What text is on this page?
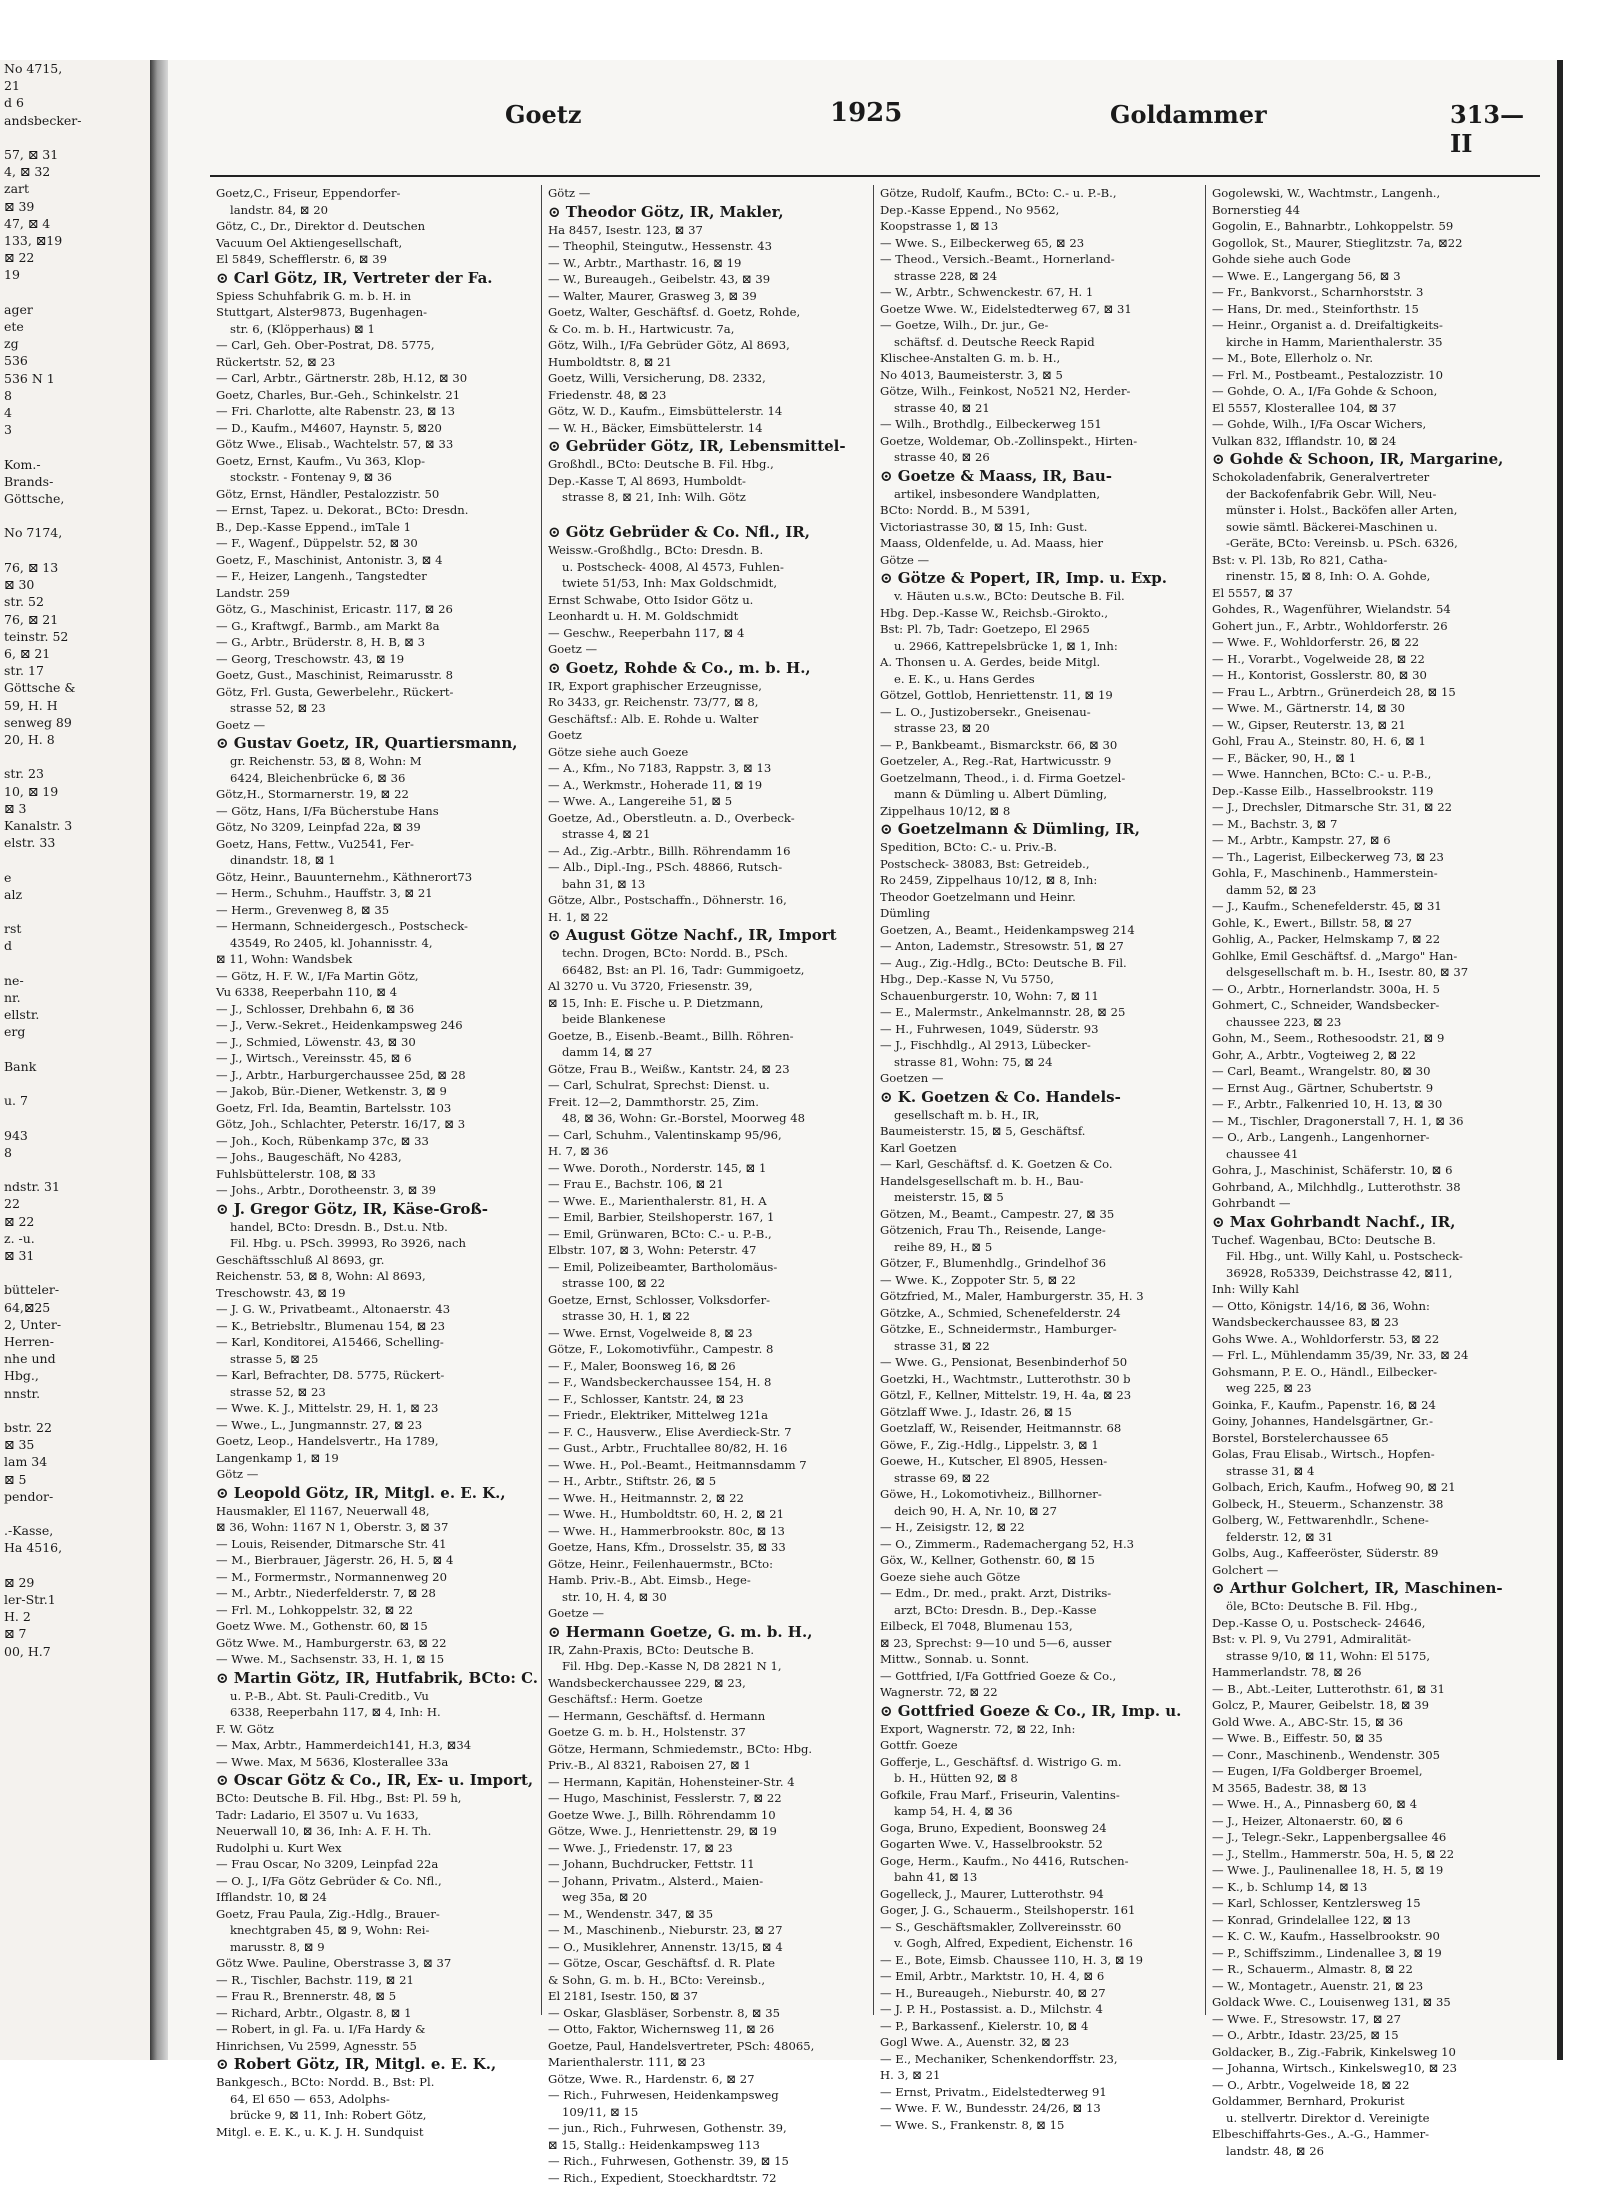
No 4715,
21
d 6
andsbecker-

57, ⊠ 31
4, ⊠ 32
zart
⊠ 39
47, ⊠ 4
133, ⊠19
⊠ 22
19

ager
ete
zg
536
536 N 1
8
4
3

Kom.-
Brands-
Göttsche,

No 7174,

76, ⊠ 13
⊠ 30
str. 52
76, ⊠ 21
teinstr. 52
6, ⊠ 21
str. 17
Göttsche &
59, H. H
senweg 89
20, H. 8

str. 23
10, ⊠ 19
⊠ 3
Kanalstr. 3
elstr. 33

e
alz

rst
d

ne-
nr.
ellstr.
erg

Bank

u. 7

943
8

ndstr. 31
22
⊠ 22
z. -u.
⊠ 31

bütteler-
64,⊠25
2, Unter-
Herren-
nhe und
Hbg.,
nnstr.

bstr. 22
⊠ 35
lam 34
⊠ 5
pendor-

.-Kasse,
Ha 4516,

⊠ 29
ler-Str.1
H. 2
⊠ 7
00, H.7
Goetz	1925	Goldammer	313—II
Goetz,C., Friseur, Eppendorfer-
landstr. 84, ⊠ 20
Götz, C., Dr., Direktor d. Deutschen
Vacuum Oel Aktiengesellschaft,
El 5849, Schefflerstr. 6, ⊠ 39
⊙ Carl Götz, IR, Vertreter der Fa.
Spiess Schuhfabrik G. m. b. H. in
Stuttgart, Alster9873, Bugenhagen-
str. 6, (Klöpperhaus) ⊠ 1
— Carl, Geh. Ober-Postrat, D8. 5775,
Rückertstr. 52, ⊠ 23
— Carl, Arbtr., Gärtnerstr. 28b, H.12, ⊠ 30
Goetz, Charles, Bur.-Geh., Schinkelstr. 21
— Fri. Charlotte, alte Rabenstr. 23, ⊠ 13
— D., Kaufm., M4607, Haynstr. 5, ⊠20
Götz Wwe., Elisab., Wachtelstr. 57, ⊠ 33
Goetz, Ernst, Kaufm., Vu 363, Klop-
stockstr. - Fontenay 9, ⊠ 36
Götz, Ernst, Händler, Pestalozzistr. 50
— Ernst, Tapez. u. Dekorat., BCto: Dresdn.
B., Dep.-Kasse Eppend., imTale 1
— F., Wagenf., Düppelstr. 52, ⊠ 30
Goetz, F., Maschinist, Antonistr. 3, ⊠ 4
— F., Heizer, Langenh., Tangstedter
Landstr. 259
Götz, G., Maschinist, Ericastr. 117, ⊠ 26
— G., Kraftwgf., Barmb., am Markt 8a
— G., Arbtr., Brüderstr. 8, H. B, ⊠ 3
— Georg, Treschowstr. 43, ⊠ 19
Goetz, Gust., Maschinist, Reimarusstr. 8
Götz, Frl. Gusta, Gewerbelehr., Rückert-
strasse 52, ⊠ 23
Goetz —
⊙ Gustav Goetz, IR, Quartiersmann,
gr. Reichenstr. 53, ⊠ 8, Wohn: M
6424, Bleichenbrücke 6, ⊠ 36
Götz,H., Stormarnerstr. 19, ⊠ 22
— Götz, Hans, I/Fa Bücherstube Hans
Götz, No 3209, Leinpfad 22a, ⊠ 39
Goetz, Hans, Fettw., Vu2541, Fer-
dinandstr. 18, ⊠ 1
Götz, Heinr., Bauunternehm., Käthnerort73
— Herm., Schuhm., Hauffstr. 3, ⊠ 21
— Herm., Grevenweg 8, ⊠ 35
— Hermann, Schneidergesch., Postscheck-
43549, Ro 2405, kl. Johannisstr. 4,
⊠ 11, Wohn: Wandsbek
— Götz, H. F. W., I/Fa Martin Götz,
Vu 6338, Reeperbahn 110, ⊠ 4
— J., Schlosser, Drehbahn 6, ⊠ 36
— J., Verw.-Sekret., Heidenkampsweg 246
— J., Schmied, Löwenstr. 43, ⊠ 30
— J., Wirtsch., Vereinsstr. 45, ⊠ 6
— J., Arbtr., Harburgerchaussee 25d, ⊠ 28
— Jakob, Bür.-Diener, Wetkenstr. 3, ⊠ 9
Goetz, Frl. Ida, Beamtin, Bartelsstr. 103
Götz, Joh., Schlachter, Peterstr. 16/17, ⊠ 3
— Joh., Koch, Rübenkamp 37c, ⊠ 33
— Johs., Baugeschäft, No 4283,
Fuhlsbüttelerstr. 108, ⊠ 33
— Johs., Arbtr., Dorotheenstr. 3, ⊠ 39
⊙ J. Gregor Götz, IR, Käse-Groß-
handel, BCto: Dresdn. B., Dst.u. Ntb.
Fil. Hbg. u. PSch. 39993, Ro 3926, nach
Geschäftsschluß Al 8693, gr.
Reichenstr. 53, ⊠ 8, Wohn: Al 8693,
Treschowstr. 43, ⊠ 19
— J. G. W., Privatbeamt., Altonaerstr. 43
— K., Betriebsltr., Blumenau 154, ⊠ 23
— Karl, Konditorei, A15466, Schelling-
strasse 5, ⊠ 25
— Karl, Befrachter, D8. 5775, Rückert-
strasse 52, ⊠ 23
— Wwe. K. J., Mittelstr. 29, H. 1, ⊠ 23
— Wwe., L., Jungmannstr. 27, ⊠ 23
Goetz, Leop., Handelsvertr., Ha 1789,
Langenkamp 1, ⊠ 19
Götz —
⊙ Leopold Götz, IR, Mitgl. e. E. K.,
Hausmakler, El 1167, Neuerwall 48,
⊠ 36, Wohn: 1167 N 1, Oberstr. 3, ⊠ 37
— Louis, Reisender, Ditmarsche Str. 41
— M., Bierbrauer, Jägerstr. 26, H. 5, ⊠ 4
— M., Formermstr., Normannenweg 20
— M., Arbtr., Niederfelderstr. 7, ⊠ 28
— Frl. M., Lohkoppelstr. 32, ⊠ 22
Goetz Wwe. M., Gothenstr. 60, ⊠ 15
Götz Wwe. M., Hamburgerstr. 63, ⊠ 22
— Wwe. M., Sachsenstr. 33, H. 1, ⊠ 15
⊙ Martin Götz, IR, Hutfabrik, BCto: C.
u. P.-B., Abt. St. Pauli-Creditb., Vu
6338, Reeperbahn 117, ⊠ 4, Inh: H.
F. W. Götz
— Max, Arbtr., Hammerdeich141, H.3, ⊠34
— Wwe. Max, M 5636, Klosterallee 33a
⊙ Oscar Götz & Co., IR, Ex- u. Import,
BCto: Deutsche B. Fil. Hbg., Bst: Pl. 59 h,
Tadr: Ladario, El 3507 u. Vu 1633,
Neuerwall 10, ⊠ 36, Inh: A. F. H. Th.
Rudolphi u. Kurt Wex
— Frau Oscar, No 3209, Leinpfad 22a
— O. J., I/Fa Götz Gebrüder & Co. Nfl.,
Ifflandstr. 10, ⊠ 24
Goetz, Frau Paula, Zig.-Hdlg., Brauer-
knechtgraben 45, ⊠ 9, Wohn: Rei-
marusstr. 8, ⊠ 9
Götz Wwe. Pauline, Oberstrasse 3, ⊠ 37
— R., Tischler, Bachstr. 119, ⊠ 21
— Frau R., Brennerstr. 48, ⊠ 5
— Richard, Arbtr., Olgastr. 8, ⊠ 1
— Robert, in gl. Fa. u. I/Fa Hardy &
Hinrichsen, Vu 2599, Agnesstr. 55
⊙ Robert Götz, IR, Mitgl. e. E. K.,
Bankgesch., BCto: Nordd. B., Bst: Pl.
64, El 650 — 653, Adolphs-
brücke 9, ⊠ 11, Inh: Robert Götz,
Mitgl. e. E. K., u. K. J. H. Sundquist
Götz —
⊙ Theodor Götz, IR, Makler,
Ha 8457, Isestr. 123, ⊠ 37
— Theophil, Steingutw., Hessenstr. 43
— W., Arbtr., Marthastr. 16, ⊠ 19
— W., Bureaugeh., Geibelstr. 43, ⊠ 39
— Walter, Maurer, Grasweg 3, ⊠ 39
Goetz, Walter, Geschäftsf. d. Goetz, Rohde,
& Co. m. b. H., Hartwicustr. 7a,
Götz, Wilh., I/Fa Gebrüder Götz, Al 8693,
Humboldtstr. 8, ⊠ 21
Goetz, Willi, Versicherung, D8. 2332,
Friedenstr. 48, ⊠ 23
Götz, W. D., Kaufm., Eimsbüttelerstr. 14
— W. H., Bäcker, Eimsbüttelerstr. 14
⊙ Gebrüder Götz, IR, Lebensmittel-
Großhdl., BCto: Deutsche B. Fil. Hbg.,
Dep.-Kasse T, Al 8693, Humboldt-
strasse 8, ⊠ 21, Inh: Wilh. Götz

⊙ Götz Gebrüder & Co. Nfl., IR,
Weissw.-Großhdlg., BCto: Dresdn. B.
u. Postscheck- 4008, Al 4573, Fuhlen-
twiete 51/53, Inh: Max Goldschmidt,
Ernst Schwabe, Otto Isidor Götz u.
Leonhardt u. H. M. Goldschmidt
— Geschw., Reeperbahn 117, ⊠ 4
Goetz —
⊙ Goetz, Rohde & Co., m. b. H.,
IR, Export graphischer Erzeugnisse,
Ro 3433, gr. Reichenstr. 73/77, ⊠ 8,
Geschäftsf.: Alb. E. Rohde u. Walter
Goetz
Götze siehe auch Goeze
— A., Kfm., No 7183, Rappstr. 3, ⊠ 13
— A., Werkmstr., Hoherade 11, ⊠ 19
— Wwe. A., Langereihe 51, ⊠ 5
Goetze, Ad., Oberstleutn. a. D., Overbeck-
strasse 4, ⊠ 21
— Ad., Zig.-Arbtr., Billh. Röhrendamm 16
— Alb., Dipl.-Ing., PSch. 48866, Rutsch-
bahn 31, ⊠ 13
Götze, Albr., Postschaffn., Döhnerstr. 16,
H. 1, ⊠ 22
⊙ August Götze Nachf., IR, Import
techn. Drogen, BCto: Nordd. B., PSch.
66482, Bst: an Pl. 16, Tadr: Gummigoetz,
Al 3270 u. Vu 3720, Friesenstr. 39,
⊠ 15, Inh: E. Fische u. P. Dietzmann,
beide Blankenese
Goetze, B., Eisenb.-Beamt., Billh. Röhren-
damm 14, ⊠ 27
Götze, Frau B., Weißw., Kantstr. 24, ⊠ 23
— Carl, Schulrat, Sprechst: Dienst. u.
Freit. 12—2, Dammthorstr. 25, Zim.
48, ⊠ 36, Wohn: Gr.-Borstel, Moorweg 48
— Carl, Schuhm., Valentinskamp 95/96,
H. 7, ⊠ 36
— Wwe. Doroth., Norderstr. 145, ⊠ 1
— Frau E., Bachstr. 106, ⊠ 21
— Wwe. E., Marienthalerstr. 81, H. A
— Emil, Barbier, Steilshoperstr. 167, 1
— Emil, Grünwaren, BCto: C.- u. P.-B.,
Elbstr. 107, ⊠ 3, Wohn: Peterstr. 47
— Emil, Polizeibeamter, Bartholomäus-
strasse 100, ⊠ 22
Goetze, Ernst, Schlosser, Volksdorfer-
strasse 30, H. 1, ⊠ 22
— Wwe. Ernst, Vogelweide 8, ⊠ 23
Götze, F., Lokomotivführ., Campestr. 8
— F., Maler, Boonsweg 16, ⊠ 26
— F., Wandsbeckerchaussee 154, H. 8
— F., Schlosser, Kantstr. 24, ⊠ 23
— Friedr., Elektriker, Mittelweg 121a
— F. C., Hausverw., Elise Averdieck-Str. 7
— Gust., Arbtr., Fruchtallee 80/82, H. 16
— Wwe. H., Pol.-Beamt., Heitmannsdamm 7
— H., Arbtr., Stiftstr. 26, ⊠ 5
— Wwe. H., Heitmannstr. 2, ⊠ 22
— Wwe. H., Humboldtstr. 60, H. 2, ⊠ 21
— Wwe. H., Hammerbrookstr. 80c, ⊠ 13
Goetze, Hans, Kfm., Drosselstr. 35, ⊠ 33
Götze, Heinr., Feilenhauermstr., BCto:
Hamb. Priv.-B., Abt. Eimsb., Hege-
str. 10, H. 4, ⊠ 30
Goetze —
⊙ Hermann Goetze, G. m. b. H.,
IR, Zahn-Praxis, BCto: Deutsche B.
Fil. Hbg. Dep.-Kasse N, D8 2821 N 1,
Wandsbeckerchaussee 229, ⊠ 23,
Geschäftsf.: Herm. Goetze
— Hermann, Geschäftsf. d. Hermann
Goetze G. m. b. H., Holstenstr. 37
Götze, Hermann, Schmiedemstr., BCto: Hbg.
Priv.-B., Al 8321, Raboisen 27, ⊠ 1
— Hermann, Kapitän, Hohensteiner-Str. 4
— Hugo, Maschinist, Fesslerstr. 7, ⊠ 22
Goetze Wwe. J., Billh. Röhrendamm 10
Götze, Wwe. J., Henriettenstr. 29, ⊠ 19
— Wwe. J., Friedenstr. 17, ⊠ 23
— Johann, Buchdrucker, Fettstr. 11
— Johann, Privatm., Alsterd., Maien-
weg 35a, ⊠ 20
— M., Wendenstr. 347, ⊠ 35
— M., Maschinenb., Nieburstr. 23, ⊠ 27
— O., Musiklehrer, Annenstr. 13/15, ⊠ 4
— Götze, Oscar, Geschäftsf. d. R. Plate
& Sohn, G. m. b. H., BCto: Vereinsb.,
El 2181, Isestr. 150, ⊠ 37
— Oskar, Glasbläser, Sorbenstr. 8, ⊠ 35
— Otto, Faktor, Wichernsweg 11, ⊠ 26
Goetze, Paul, Handelsvertreter, PSch: 48065,
Marienthalerstr. 111, ⊠ 23
Götze, Wwe. R., Hardenstr. 6, ⊠ 27
— Rich., Fuhrwesen, Heidenkampsweg
109/11, ⊠ 15
— jun., Rich., Fuhrwesen, Gothenstr. 39,
⊠ 15, Stallg.: Heidenkampsweg 113
— Rich., Fuhrwesen, Gothenstr. 39, ⊠ 15
— Rich., Expedient, Stoeckhardtstr. 72
Götze, Rudolf, Kaufm., BCto: C.- u. P.-B.,
Dep.-Kasse Eppend., No 9562,
Koopstrasse 1, ⊠ 13
— Wwe. S., Eilbeckerweg 65, ⊠ 23
— Theod., Versich.-Beamt., Hornerland-
strasse 228, ⊠ 24
— W., Arbtr., Schwenckestr. 67, H. 1
Goetze Wwe. W., Eidelstedterweg 67, ⊠ 31
— Goetze, Wilh., Dr. jur., Ge-
schäftsf. d. Deutsche Reeck Rapid
Klischee-Anstalten G. m. b. H.,
No 4013, Baumeisterstr. 3, ⊠ 5
Götze, Wilh., Feinkost, No521 N2, Herder-
strasse 40, ⊠ 21
— Wilh., Brothdlg., Eilbeckerweg 151
Goetze, Woldemar, Ob.-Zollinspekt., Hirten-
strasse 40, ⊠ 26
⊙ Goetze & Maass, IR, Bau-
artikel, insbesondere Wandplatten,
BCto: Nordd. B., M 5391,
Victoriastrasse 30, ⊠ 15, Inh: Gust.
Maass, Oldenfelde, u. Ad. Maass, hier
Götze —
⊙ Götze & Popert, IR, Imp. u. Exp.
v. Häuten u.s.w., BCto: Deutsche B. Fil.
Hbg. Dep.-Kasse W., Reichsb.-Girokto.,
Bst: Pl. 7b, Tadr: Goetzepo, El 2965
u. 2966, Kattrepelsbrücke 1, ⊠ 1, Inh:
A. Thonsen u. A. Gerdes, beide Mitgl.
e. E. K., u. Hans Gerdes
Götzel, Gottlob, Henriettenstr. 11, ⊠ 19
— L. O., Justizobersekr., Gneisenau-
strasse 23, ⊠ 20
— P., Bankbeamt., Bismarckstr. 66, ⊠ 30
Goetzeler, A., Reg.-Rat, Hartwicusstr. 9
Goetzelmann, Theod., i. d. Firma Goetzel-
mann & Dümling u. Albert Dümling,
Zippelhaus 10/12, ⊠ 8
⊙ Goetzelmann & Dümling, IR,
Spedition, BCto: C.- u. Priv.-B.
Postscheck- 38083, Bst: Getreideb.,
Ro 2459, Zippelhaus 10/12, ⊠ 8, Inh:
Theodor Goetzelmann und Heinr.
Dümling
Goetzen, A., Beamt., Heidenkampsweg 214
— Anton, Lademstr., Stresowstr. 51, ⊠ 27
— Aug., Zig.-Hdlg., BCto: Deutsche B. Fil.
Hbg., Dep.-Kasse N, Vu 5750,
Schauenburgerstr. 10, Wohn: 7, ⊠ 11
— E., Malermstr., Ankelmannstr. 28, ⊠ 25
— H., Fuhrwesen, 1049, Süderstr. 93
— J., Fischhdlg., Al 2913, Lübecker-
strasse 81, Wohn: 75, ⊠ 24
Goetzen —
⊙ K. Goetzen & Co. Handels-
gesellschaft m. b. H., IR,
Baumeisterstr. 15, ⊠ 5, Geschäftsf.
Karl Goetzen
— Karl, Geschäftsf. d. K. Goetzen & Co.
Handelsgesellschaft m. b. H., Bau-
meisterstr. 15, ⊠ 5
Götzen, M., Beamt., Campestr. 27, ⊠ 35
Götzenich, Frau Th., Reisende, Lange-
reihe 89, H., ⊠ 5
Götzer, F., Blumenhdlg., Grindelhof 36
— Wwe. K., Zoppoter Str. 5, ⊠ 22
Götzfried, M., Maler, Hamburgerstr. 35, H. 3
Götzke, A., Schmied, Schenefelderstr. 24
Götzke, E., Schneidermstr., Hamburger-
strasse 31, ⊠ 22
— Wwe. G., Pensionat, Besenbinderhof 50
Goetzki, H., Wachtmstr., Lutterothstr. 30 b
Götzl, F., Kellner, Mittelstr. 19, H. 4a, ⊠ 23
Götzlaff Wwe. J., Idastr. 26, ⊠ 15
Goetzlaff, W., Reisender, Heitmannstr. 68
Göwe, F., Zig.-Hdlg., Lippelstr. 3, ⊠ 1
Goewe, H., Kutscher, El 8905, Hessen-
strasse 69, ⊠ 22
Göwe, H., Lokomotivheiz., Billhorner-
deich 90, H. A, Nr. 10, ⊠ 27
— H., Zeisigstr. 12, ⊠ 22
— O., Zimmerm., Rademachergang 52, H.3
Göx, W., Kellner, Gothenstr. 60, ⊠ 15
Goeze siehe auch Götze
— Edm., Dr. med., prakt. Arzt, Distriks-
arzt, BCto: Dresdn. B., Dep.-Kasse
Eilbeck, El 7048, Blumenau 153,
⊠ 23, Sprechst: 9—10 und 5—6, ausser
Mittw., Sonnab. u. Sonnt.
— Gottfried, I/Fa Gottfried Goeze & Co.,
Wagnerstr. 72, ⊠ 22
⊙ Gottfried Goeze & Co., IR, Imp. u.
Export, Wagnerstr. 72, ⊠ 22, Inh:
Gottfr. Goeze
Gofferje, L., Geschäftsf. d. Wistrigo G. m.
b. H., Hütten 92, ⊠ 8
Gofkile, Frau Marf., Friseurin, Valentins-
kamp 54, H. 4, ⊠ 36
Goga, Bruno, Expedient, Boonsweg 24
Gogarten Wwe. V., Hasselbrookstr. 52
Goge, Herm., Kaufm., No 4416, Rutschen-
bahn 41, ⊠ 13
Gogelleck, J., Maurer, Lutterothstr. 94
Goger, J. G., Schauerm., Steilshoperstr. 161
— S., Geschäftsmakler, Zollvereinsstr. 60
v. Gogh, Alfred, Expedient, Eichenstr. 16
— E., Bote, Eimsb. Chaussee 110, H. 3, ⊠ 19
— Emil, Arbtr., Marktstr. 10, H. 4, ⊠ 6
— H., Bureaugeh., Nieburstr. 40, ⊠ 27
— J. P. H., Postassist. a. D., Milchstr. 4
— P., Barkassenf., Kielerstr. 10, ⊠ 4
Gogl Wwe. A., Auenstr. 32, ⊠ 23
— E., Mechaniker, Schenkendorffstr. 23,
H. 3, ⊠ 21
— Ernst, Privatm., Eidelstedterweg 91
— Wwe. F. W., Bundesstr. 24/26, ⊠ 13
— Wwe. S., Frankenstr. 8, ⊠ 15
Gogolewski, W., Wachtmstr., Langenh.,
Bornerstieg 44
Gogolin, E., Bahnarbtr., Lohkoppelstr. 59
Gogollok, St., Maurer, Stieglitzstr. 7a, ⊠22
Gohde siehe auch Gode
— Wwe. E., Langergang 56, ⊠ 3
— Fr., Bankvorst., Scharnhorststr. 3
— Hans, Dr. med., Steinforthstr. 15
— Heinr., Organist a. d. Dreifaltigkeits-
kirche in Hamm, Marienthalerstr. 35
— M., Bote, Ellerholz o. Nr.
— Frl. M., Postbeamt., Pestalozzistr. 10
— Gohde, O. A., I/Fa Gohde & Schoon,
El 5557, Klosterallee 104, ⊠ 37
— Gohde, Wilh., I/Fa Oscar Wichers,
Vulkan 832, Ifflandstr. 10, ⊠ 24
⊙ Gohde & Schoon, IR, Margarine,
Schokoladenfabrik, Generalvertreter
der Backofenfabrik Gebr. Will, Neu-
münster i. Holst., Backöfen aller Arten,
sowie sämtl. Bäckerei-Maschinen u.
-Geräte, BCto: Vereinsb. u. PSch. 6326,
Bst: v. Pl. 13b, Ro 821, Catha-
rinenstr. 15, ⊠ 8, Inh: O. A. Gohde,
El 5557, ⊠ 37
Gohdes, R., Wagenführer, Wielandstr. 54
Gohert jun., F., Arbtr., Wohldorferstr. 26
— Wwe. F., Wohldorferstr. 26, ⊠ 22
— H., Vorarbt., Vogelweide 28, ⊠ 22
— H., Kontorist, Gosslerstr. 80, ⊠ 30
— Frau L., Arbtrn., Grünerdeich 28, ⊠ 15
— Wwe. M., Gärtnerstr. 14, ⊠ 30
— W., Gipser, Reuterstr. 13, ⊠ 21
Gohl, Frau A., Steinstr. 80, H. 6, ⊠ 1
— F., Bäcker, 90, H., ⊠ 1
— Wwe. Hannchen, BCto: C.- u. P.-B.,
Dep.-Kasse Eilb., Hasselbrookstr. 119
— J., Drechsler, Ditmarsche Str. 31, ⊠ 22
— M., Bachstr. 3, ⊠ 7
— M., Arbtr., Kampstr. 27, ⊠ 6
— Th., Lagerist, Eilbeckerweg 73, ⊠ 23
Gohla, F., Maschinenb., Hammerstein-
damm 52, ⊠ 23
— J., Kaufm., Schenefelderstr. 45, ⊠ 31
Gohle, K., Ewert., Billstr. 58, ⊠ 27
Gohlig, A., Packer, Helmskamp 7, ⊠ 22
Gohlke, Emil Geschäftsf. d. „Margo" Han-
delsgesellschaft m. b. H., Isestr. 80, ⊠ 37
— O., Arbtr., Hornerlandstr. 300a, H. 5
Gohmert, C., Schneider, Wandsbecker-
chaussee 223, ⊠ 23
Gohn, M., Seem., Rothesoodstr. 21, ⊠ 9
Gohr, A., Arbtr., Vogteiweg 2, ⊠ 22
— Carl, Beamt., Wrangelstr. 80, ⊠ 30
— Ernst Aug., Gärtner, Schubertstr. 9
— F., Arbtr., Falkenried 10, H. 13, ⊠ 30
— M., Tischler, Dragonerstall 7, H. 1, ⊠ 36
— O., Arb., Langenh., Langenhorner-
chaussee 41
Gohra, J., Maschinist, Schäferstr. 10, ⊠ 6
Gohrband, A., Milchhdlg., Lutterothstr. 38
Gohrbandt —
⊙ Max Gohrbandt Nachf., IR,
Tuchef. Wagenbau, BCto: Deutsche B.
Fil. Hbg., unt. Willy Kahl, u. Postscheck-
36928, Ro5339, Deichstrasse 42, ⊠11,
Inh: Willy Kahl
— Otto, Königstr. 14/16, ⊠ 36, Wohn:
Wandsbeckerchaussee 83, ⊠ 23
Gohs Wwe. A., Wohldorferstr. 53, ⊠ 22
— Frl. L., Mühlendamm 35/39, Nr. 33, ⊠ 24
Gohsmann, P. E. O., Händl., Eilbecker-
weg 225, ⊠ 23
Goinka, F., Kaufm., Papenstr. 16, ⊠ 24
Goiny, Johannes, Handelsgärtner, Gr.-
Borstel, Borstelerchaussee 65
Golas, Frau Elisab., Wirtsch., Hopfen-
strasse 31, ⊠ 4
Golbach, Erich, Kaufm., Hofweg 90, ⊠ 21
Golbeck, H., Steuerm., Schanzenstr. 38
Golberg, W., Fettwarenhdlr., Schene-
felderstr. 12, ⊠ 31
Golbs, Aug., Kaffeeröster, Süderstr. 89
Golchert —
⊙ Arthur Golchert, IR, Maschinen-
öle, BCto: Deutsche B. Fil. Hbg.,
Dep.-Kasse O, u. Postscheck- 24646,
Bst: v. Pl. 9, Vu 2791, Admiralität-
strasse 9/10, ⊠ 11, Wohn: El 5175,
Hammerlandstr. 78, ⊠ 26
— B., Abt.-Leiter, Lutterothstr. 61, ⊠ 31
Golcz, P., Maurer, Geibelstr. 18, ⊠ 39
Gold Wwe. A., ABC-Str. 15, ⊠ 36
— Wwe. B., Eiffestr. 50, ⊠ 35
— Conr., Maschinenb., Wendenstr. 305
— Eugen, I/Fa Goldberger Broemel,
M 3565, Badestr. 38, ⊠ 13
— Wwe. H., A., Pinnasberg 60, ⊠ 4
— J., Heizer, Altonaerstr. 60, ⊠ 6
— J., Telegr.-Sekr., Lappenbergsallee 46
— J., Stellm., Hammerstr. 50a, H. 5, ⊠ 22
— Wwe. J., Paulinenallee 18, H. 5, ⊠ 19
— K., b. Schlump 14, ⊠ 13
— Karl, Schlosser, Kentzlersweg 15
— Konrad, Grindelallee 122, ⊠ 13
— K. C. W., Kaufm., Hasselbrookstr. 90
— P., Schiffszimm., Lindenallee 3, ⊠ 19
— R., Schauerm., Almastr. 8, ⊠ 22
— W., Montagetr., Auenstr. 21, ⊠ 23
Goldack Wwe. C., Louisenweg 131, ⊠ 35
— Wwe. F., Stresowstr. 17, ⊠ 27
— O., Arbtr., Idastr. 23/25, ⊠ 15
Goldacker, B., Zig.-Fabrik, Kinkelsweg 10
— Johanna, Wirtsch., Kinkelsweg10, ⊠ 23
— O., Arbtr., Vogelweide 18, ⊠ 22
Goldammer, Bernhard, Prokurist
u. stellvertr. Direktor d. Vereinigte
Elbeschiffahrts-Ges., A.-G., Hammer-
landstr. 48, ⊠ 26
